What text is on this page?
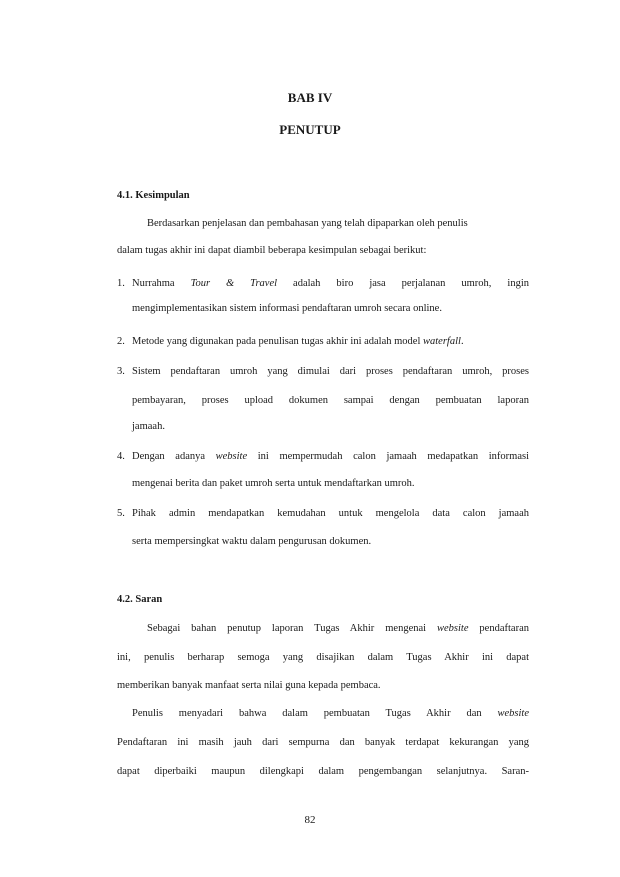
BAB IV
PENUTUP
4.1. Kesimpulan
Berdasarkan penjelasan dan pembahasan yang telah dipaparkan oleh penulis
dalam tugas akhir ini dapat diambil beberapa kesimpulan sebagai berikut:
1. Nurrahma Tour & Travel adalah biro jasa perjalanan umroh, ingin
mengimplementasikan sistem informasi pendaftaran umroh secara online.
2. Metode yang digunakan pada penulisan tugas akhir ini adalah model waterfall.
3. Sistem pendaftaran umroh yang dimulai dari proses pendaftaran umroh, proses
pembayaran, proses upload dokumen sampai dengan pembuatan laporan
jamaah.
4. Dengan adanya website ini mempermudah calon jamaah medapatkan informasi
mengenai berita dan paket umroh serta untuk mendaftarkan umroh.
5. Pihak admin mendapatkan kemudahan untuk mengelola data calon jamaah
serta mempersingkat waktu dalam pengurusan dokumen.
4.2. Saran
Sebagai bahan penutup laporan Tugas Akhir mengenai website pendaftaran
ini, penulis berharap semoga yang disajikan dalam Tugas Akhir ini dapat
memberikan banyak manfaat serta nilai guna kepada pembaca.
Penulis menyadari bahwa dalam pembuatan Tugas Akhir dan website
Pendaftaran ini masih jauh dari sempurna dan banyak terdapat kekurangan yang
dapat diperbaiki maupun dilengkapi dalam pengembangan selanjutnya. Saran-
82
